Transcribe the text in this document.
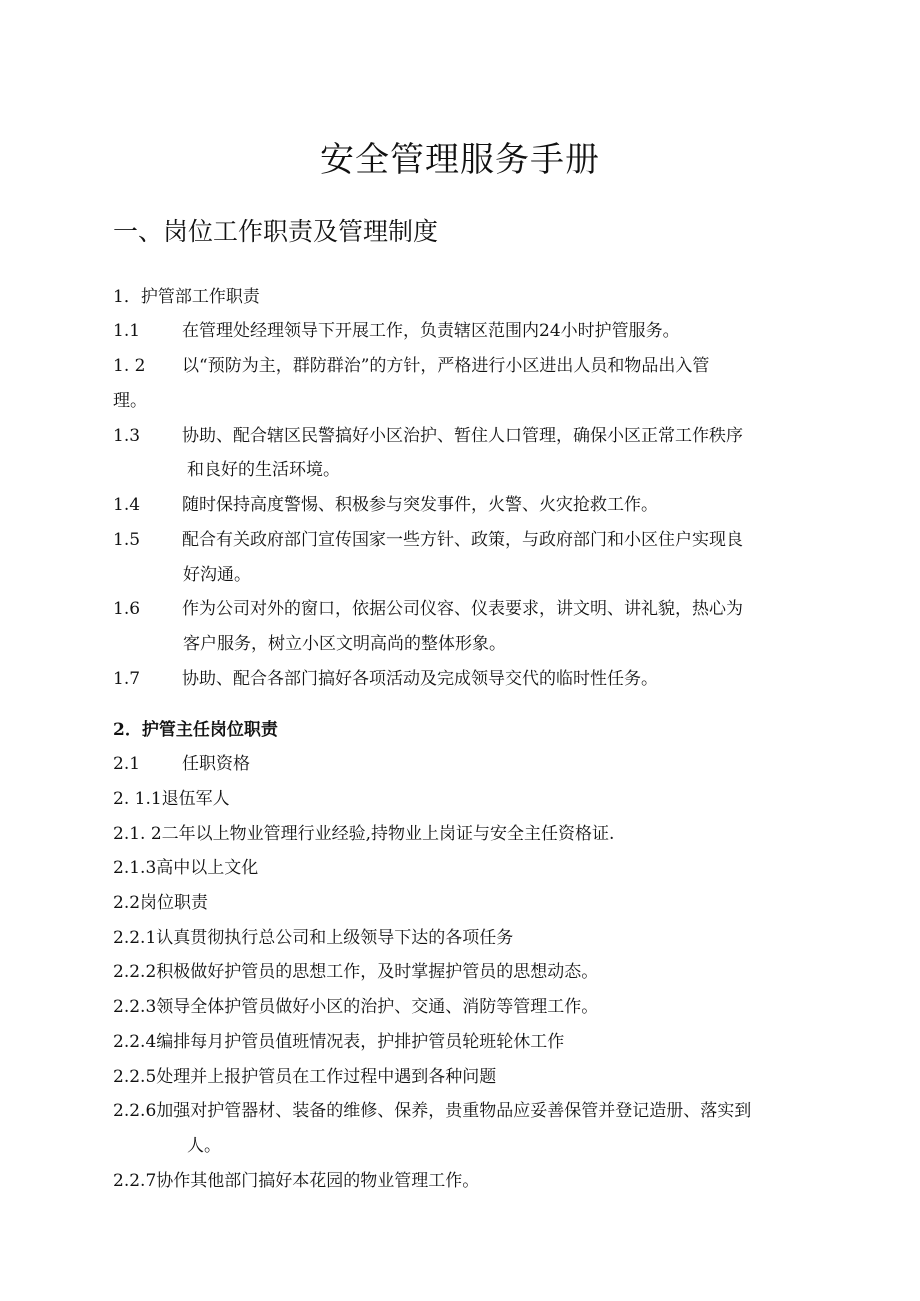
安全管理服务手册
一、岗位工作职责及管理制度
1．护管部工作职责
1.1 在管理处经理领导下开展工作，负责辖区范围内24小时护管服务。
1. 2 以“预防为主，群防群治”的方针，严格进行小区进出人员和物品出入管
理。
1.3 协助、配合辖区民警搞好小区治护、暂住人口管理，确保小区正常工作秩序
和良好的生活环境。
1.4 随时保持高度警惕、积极参与突发事件，火警、火灾抢救工作。
1.5 配合有关政府部门宣传国家一些方针、政策，与政府部门和小区住户实现良
好沟通。
1.6 作为公司对外的窗口，依据公司仪容、仪表要求，讲文明、讲礼貌，热心为
客户服务，树立小区文明高尚的整体形象。
1.7 协助、配合各部门搞好各项活动及完成领导交代的临时性任务。
2．护管主任岗位职责
2.1 任职资格
2. 1.1退伍军人
2.1. 2二年以上物业管理行业经验,持物业上岗证与安全主任资格证.
2.1.3高中以上文化
2.2岗位职责
2.2.1认真贯彻执行总公司和上级领导下达的各项任务
2.2.2积极做好护管员的思想工作，及时掌握护管员的思想动态。
2.2.3领导全体护管员做好小区的治护、交通、消防等管理工作。
2.2.4编排每月护管员值班情况表，护排护管员轮班轮休工作
2.2.5处理并上报护管员在工作过程中遇到各种问题
2.2.6加强对护管器材、装备的维修、保养，贵重物品应妥善保管并登记造册、落实到
人。
2.2.7协作其他部门搞好本花园的物业管理工作。
